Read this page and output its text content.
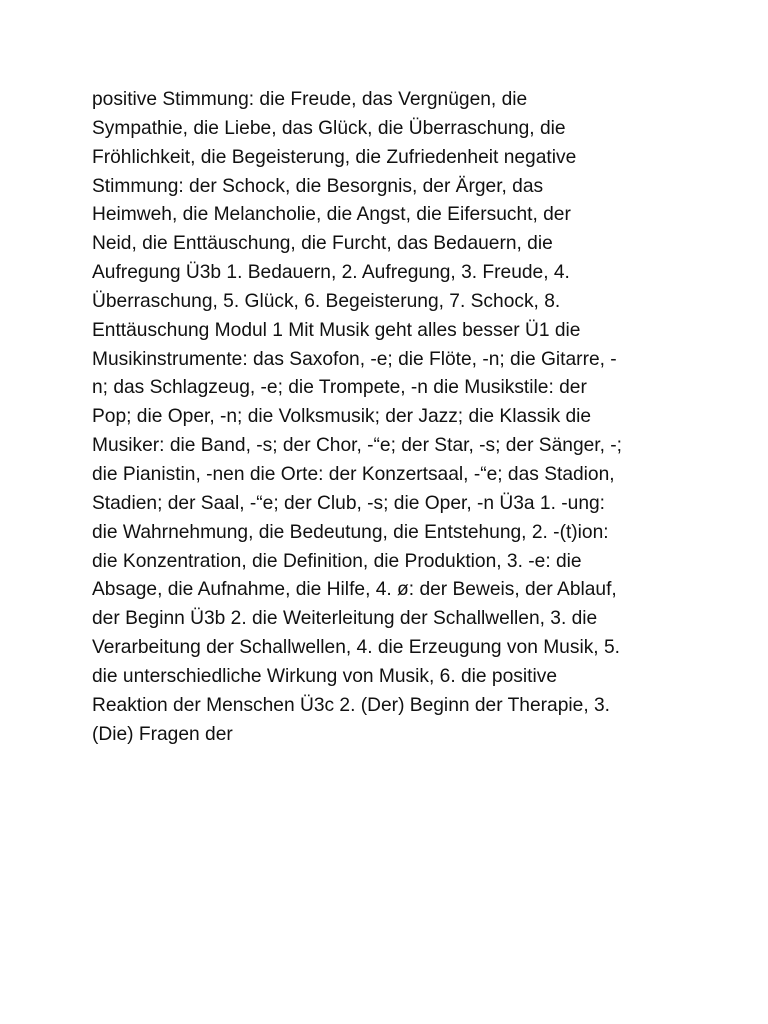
positive Stimmung: die Freude, das Vergnügen, die
Sympathie, die Liebe, das Glück, die Überraschung, die
Fröhlichkeit, die Begeisterung, die Zufriedenheit negative
Stimmung: der Schock, die Besorgnis, der Ärger, das
Heimweh, die Melancholie, die Angst, die Eifersucht, der
Neid, die Enttäuschung, die Furcht, das Bedauern, die
Aufregung Ü3b 1. Bedauern, 2. Aufregung, 3. Freude, 4.
Überraschung, 5. Glück, 6. Begeisterung, 7. Schock, 8.
Enttäuschung Modul 1 Mit Musik geht alles besser Ü1 die
Musikinstrumente: das Saxofon, -e; die Flöte, -n; die Gitarre, -
n; das Schlagzeug, -e; die Trompete, -n die Musikstile: der
Pop; die Oper, -n; die Volksmusik; der Jazz; die Klassik die
Musiker: die Band, -s; der Chor, -“e; der Star, -s; der Sänger, -;
die Pianistin, -nen die Orte: der Konzertsaal, -“e; das Stadion,
Stadien; der Saal, -“e; der Club, -s; die Oper, -n Ü3a 1. -ung:
die Wahrnehmung, die Bedeutung, die Entstehung, 2. -(t)ion:
die Konzentration, die Definition, die Produktion, 3. -e: die
Absage, die Aufnahme, die Hilfe, 4. ø: der Beweis, der Ablauf,
der Beginn Ü3b 2. die Weiterleitung der Schallwellen, 3. die
Verarbeitung der Schallwellen, 4. die Erzeugung von Musik, 5.
die unterschiedliche Wirkung von Musik, 6. die positive
Reaktion der Menschen Ü3c 2. (Der) Beginn der Therapie, 3.
(Die) Fragen der
